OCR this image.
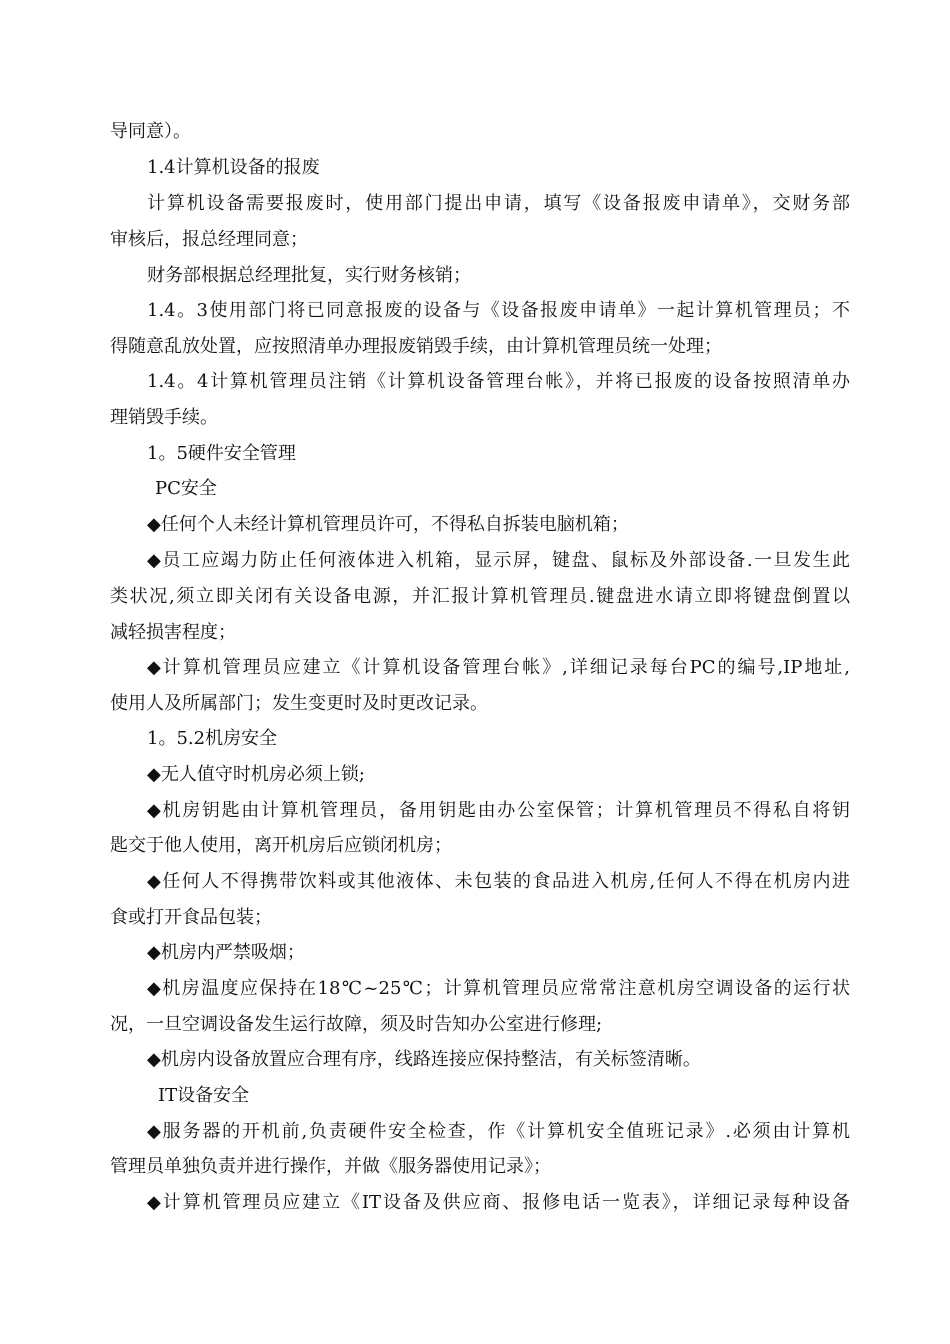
导同意）。
1.4计算机设备的报废
计算机设备需要报废时，使用部门提出申请，填写《设备报废申请单》，交财务部
审核后，报总经理同意；
财务部根据总经理批复，实行财务核销；
1.4。3使用部门将已同意报废的设备与《设备报废申请单》一起计算机管理员；不
得随意乱放处置，应按照清单办理报废销毁手续，由计算机管理员统一处理；
1.4。4计算机管理员注销《计算机设备管理台帐》，并将已报废的设备按照清单办
理销毁手续。
1。5硬件安全管理
PC安全
◆任何个人未经计算机管理员许可，不得私自拆装电脑机箱；
◆员工应竭力防止任何液体进入机箱，显示屏，键盘、鼠标及外部设备.一旦发生此
类状况,须立即关闭有关设备电源，并汇报计算机管理员.键盘进水请立即将键盘倒置以
减轻损害程度；
◆计算机管理员应建立《计算机设备管理台帐》,详细记录每台PC的编号,IP地址,
使用人及所属部门；发生变更时及时更改记录。
1。5.2机房安全
◆无人值守时机房必须上锁;
◆机房钥匙由计算机管理员，备用钥匙由办公室保管；计算机管理员不得私自将钥
匙交于他人使用，离开机房后应锁闭机房；
◆任何人不得携带饮料或其他液体、未包装的食品进入机房,任何人不得在机房内进
食或打开食品包装；
◆机房内严禁吸烟；
◆机房温度应保持在18℃~25℃；计算机管理员应常常注意机房空调设备的运行状
况，一旦空调设备发生运行故障，须及时告知办公室进行修理;
◆机房内设备放置应合理有序，线路连接应保持整洁，有关标签清晰。
IT设备安全
◆服务器的开机前,负责硬件安全检查，作《计算机安全值班记录》.必须由计算机
管理员单独负责并进行操作，并做《服务器使用记录》；
◆计算机管理员应建立《IT设备及供应商、报修电话一览表》，详细记录每种设备
